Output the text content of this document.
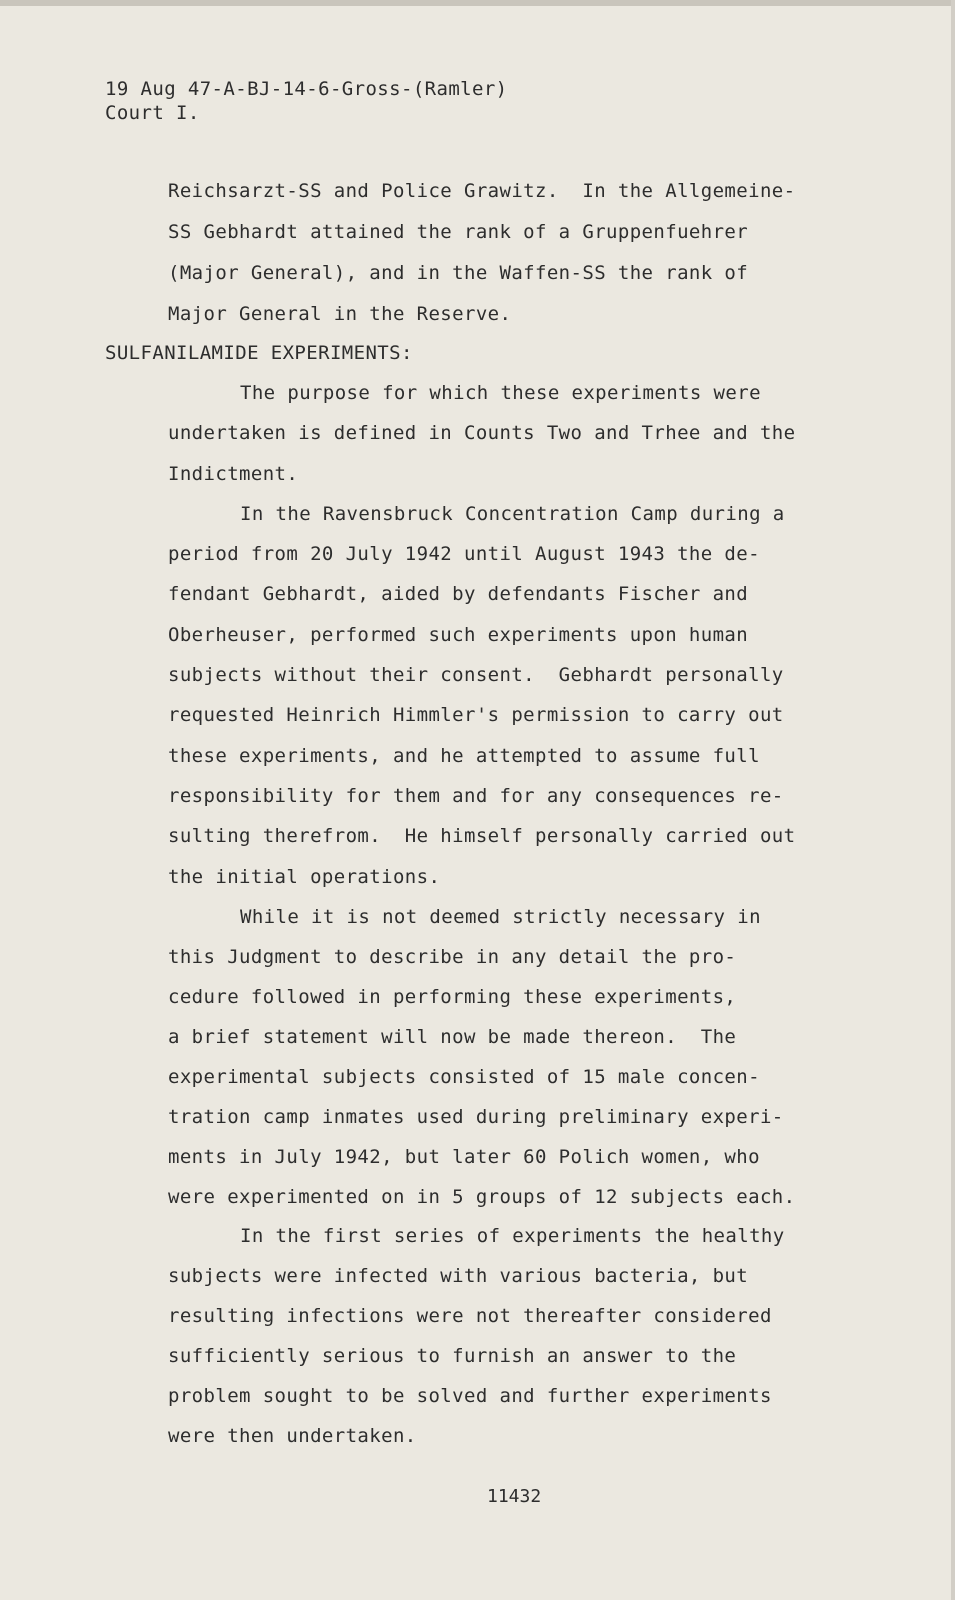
19 Aug 47-A-BJ-14-6-Gross-(Ramler)
Court I.
Reichsarzt-SS and Police Grawitz.  In the Allgemeine-
SS Gebhardt attained the rank of a Gruppenfuehrer
(Major General), and in the Waffen-SS the rank of
Major General in the Reserve.
SULFANILAMIDE EXPERIMENTS:
The purpose for which these experiments were
undertaken is defined in Counts Two and Trhee and the
Indictment.
In the Ravensbruck Concentration Camp during a
period from 20 July 1942 until August 1943 the de-
fendant Gebhardt, aided by defendants Fischer and
Oberheuser, performed such experiments upon human
subjects without their consent.  Gebhardt personally
requested Heinrich Himmler's permission to carry out
these experiments, and he attempted to assume full
responsibility for them and for any consequences re-
sulting therefrom.  He himself personally carried out
the initial operations.
While it is not deemed strictly necessary in
this Judgment to describe in any detail the pro-
cedure followed in performing these experiments,
a brief statement will now be made thereon.  The
experimental subjects consisted of 15 male concen-
tration camp inmates used during preliminary experi-
ments in July 1942, but later 60 Polich women, who
were experimented on in 5 groups of 12 subjects each.
In the first series of experiments the healthy
subjects were infected with various bacteria, but
resulting infections were not thereafter considered
sufficiently serious to furnish an answer to the
problem sought to be solved and further experiments
were then undertaken.
11432
